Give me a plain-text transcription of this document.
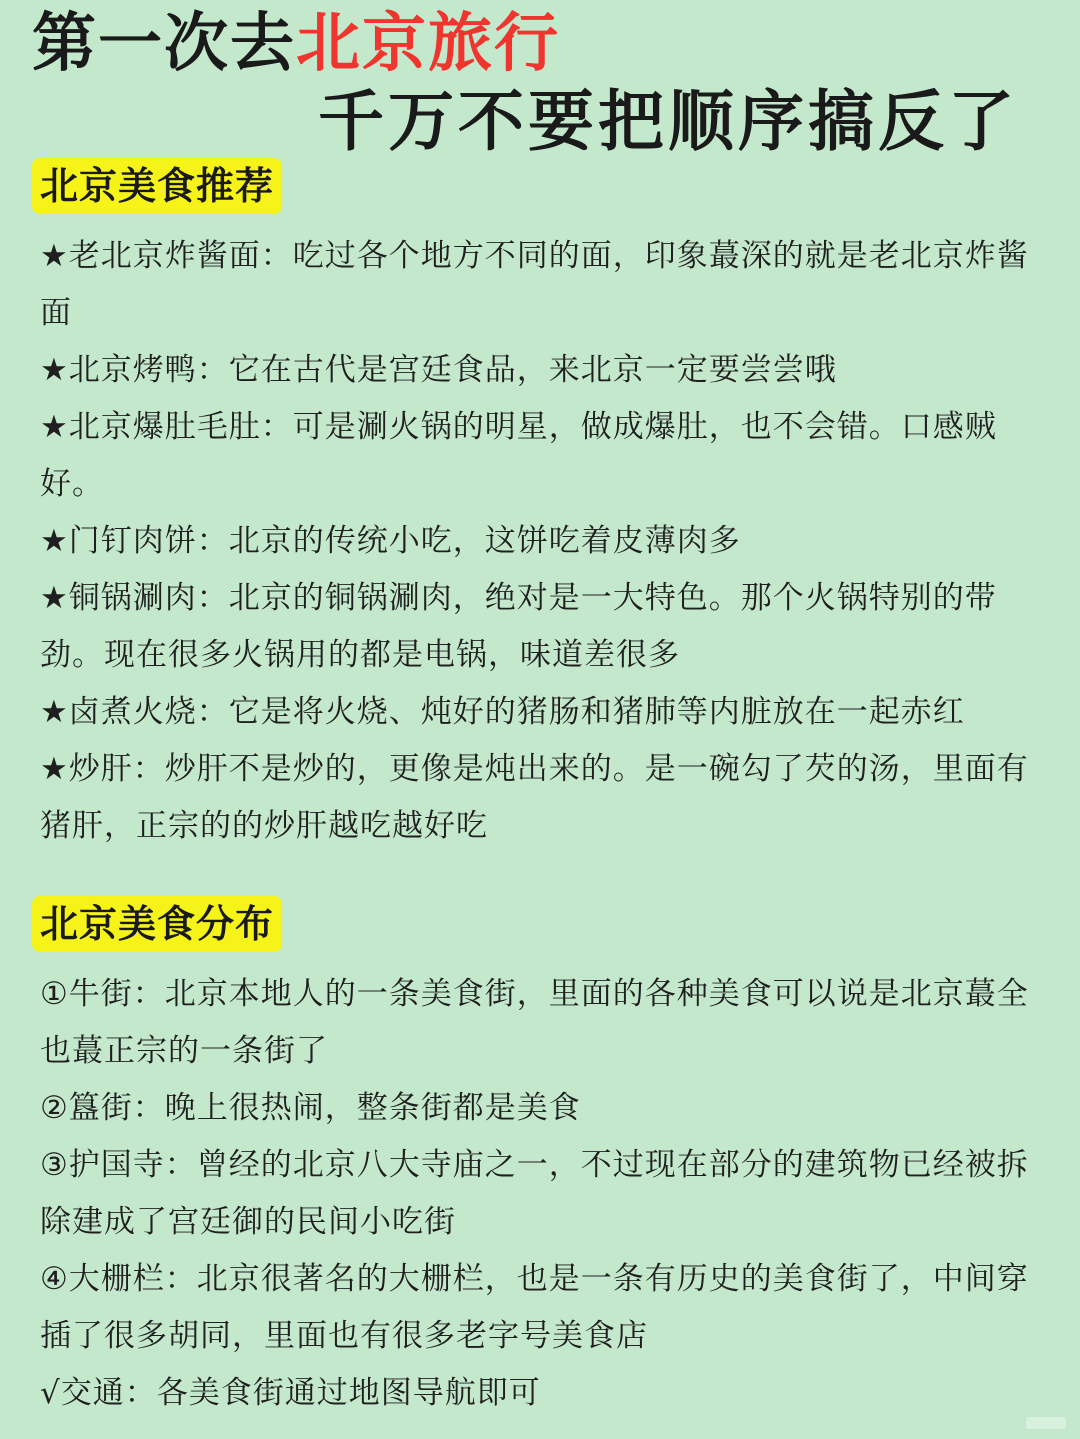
第一次去北京旅行
千万不要把顺序搞反了
北京美食推荐

★老北京炸酱面：吃过各个地方不同的面，印象蕞深的就是老北京炸酱面

★北京烤鸭：它在古代是宫廷食品，来北京一定要尝尝哦

★北京爆肚毛肚：可是涮火锅的明星，做成爆肚，也不会错。口感贼好。

★门钉肉饼：北京的传统小吃，这饼吃着皮薄肉多

★铜锅涮肉：北京的铜锅涮肉，绝对是一大特色。那个火锅特别的带劲。现在很多火锅用的都是电锅，味道差很多

★卤煮火烧：它是将火烧、炖好的猪肠和猪肺等内脏放在一起赤红

★炒肝：炒肝不是炒的，更像是炖出来的。是一碗勾了芡的汤，里面有猪肝，正宗的的炒肝越吃越好吃

北京美食分布

①牛街：北京本地人的一条美食街，里面的各种美食可以说是北京蕞全也蕞正宗的一条街了

②簋街：晚上很热闹，整条街都是美食

③护国寺：曾经的北京八大寺庙之一，不过现在部分的建筑物已经被拆除建成了宫廷御的民间小吃街

④大栅栏：北京很著名的大栅栏，也是一条有历史的美食街了，中间穿插了很多胡同，里面也有很多老字号美食店

√交通：各美食街通过地图导航即可
